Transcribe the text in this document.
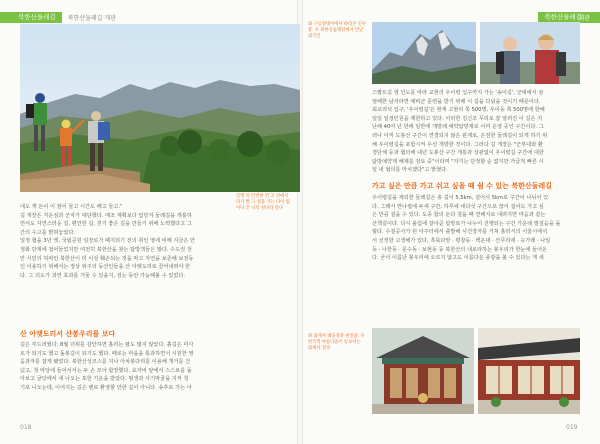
북한산둘레길	북한산둘레길 개관	북한산둘레길
개관
일명 의 안전한 간 고 길에서 다가 발 고 성을 가는 다이 팀이다 끝 니의 실다라 일다

내도 게 돈이 이 잠이 들고 시간도 배고 들고."

길 개장은 자운심과 군자가 대단했다. 매조 계획보다 압당겨 둘레길을 개통하

면서도 자연스러운 길, 편안한 길, 걷기 좋은 길을 만들기 위해 노력했다고 그

간의 수고를 밝혀놓았다.

일정 협을 3년 옛, 국립공원 임장로가 폐지되기 전의 취인 영에 비해 지금은 안

정화 단계에 접어들었지만 여전히 북한산을 찾는 탐방객들은 많다. 수도권 천

만 시민의 허파인 북한산이 더 이상 훼손되는 것을 막고 자연을 보존해 보전동

인 이용하기 위해서는 정상 위주의 등산인들을 산 아랫도리로 끌어내려야 한

다. 그 의도가 과연 효과를 거둘 수 있을지, 검는 동안 가늠해볼 수 있었다.

산 아랫도리서 산봉우리를 보다

길은 부드러웠다. 8월 더위를 감안하면 흘리는 땀도 많지 않았다. 흙길은 미사

토가 되기도 했고 돌봉길이 되기도 했다. 때로는 마을을 통과하면서 시원한 영

음과자를 잡게 됐었다. 북한산성코스를 지나 아차봉다리를 이용해 개거를 건

넜고, 첫 마당에 들어서서는 두 손 모아 합장했다. 효자비 앞에서 스스로를 돌

아보고 굴당에서 새 나오는 포한 기운을 받았다. 범생과 사기막골을 지켜 청

기로 나오는데, 이어지는 길은 벤로 환영할 만한 길이 아니다. 송추로 가는 아

018
화 구릉전대이에서 바라본 인수봉. 우 북한산둘레길에서 만난 외국인

스팔트길 옆 인도를 따라 교현리 우이령 입구까지 가는 '송이길', 군대에서 삼

엄해한 남자라면 예비군 훈련을 받기 위해 이 길을 다녔을 것이기 때문이다.

최교리석 입구, '우이령길'은 현재 고현리 쪽 500명, 우이동 쪽 500명에 한해

일일 일정인원을 제한하고 있다. 이러한 김신조 무리로 잘 알려진 이 길은 지

난해 40여 년 만에 일반에 개방돼 예약탐방제로 이미 운영 중인 구간이다. 그

러나 아직 도봉산 구간이 연결되지 않은 관계로, 온전한 둘레길이 되게 하기 위

해 우이령길을 포함시켜 우선 개방한 것이다. 그러다 길 개장은 "군부대와 환

경단체 등과 협의해 내년 도봉산 구간 개통과 상관없이 우이령길 구간에 대한

탐방예약제 해제를 검토 중"이라며 "자기는 단정할 순 없지만 가급적 빠른 시

일 내 협의를 마치겠다"고 밝혔다.

가고 싶은 만큼 가고 쉬고 싶을 때 쉴 수 있는 북한산둘레길

우이령길을 제외한 둘레길은 총 길이 5.5km, 걸어서 5km로 구간이 나뉘어 있

다. 그래서 반나절에 두세 구간, 하루에 네다섯 구간으로 끊어 걸어도 가고 싶

은 만큼 걸을 수 있다. 도중 합의 둔다 걸을 때 연해지로 내려지면 마음과 같는

산책길이다. 다시 올림에 갈아곧 탐방로가 나누어 진행되는 구간 가운데 발걸음을 돌

릴다. 수질공사가 된 아주터에서 출발해 사건장자를 거쳐 흘러서의 서울시에서

서 선정한 고생해가 있다, 흑뚝다랑 · 평창동 · 백운대 · 산무리에 · 승가래 · 나일

동 · 나한동 · 문수동 · 보현동 등 북한산의 내로라하는 봉우리가 한눈에 들어온

다. 굳이 이름난 봉우리에 오르지 않고도 이름다운 풍광을 볼 수 있다는 게 새

좌 화계사 대웅전과 천진불. 우 한국적 아름다움이 돋보이는 화계사 전경
019
